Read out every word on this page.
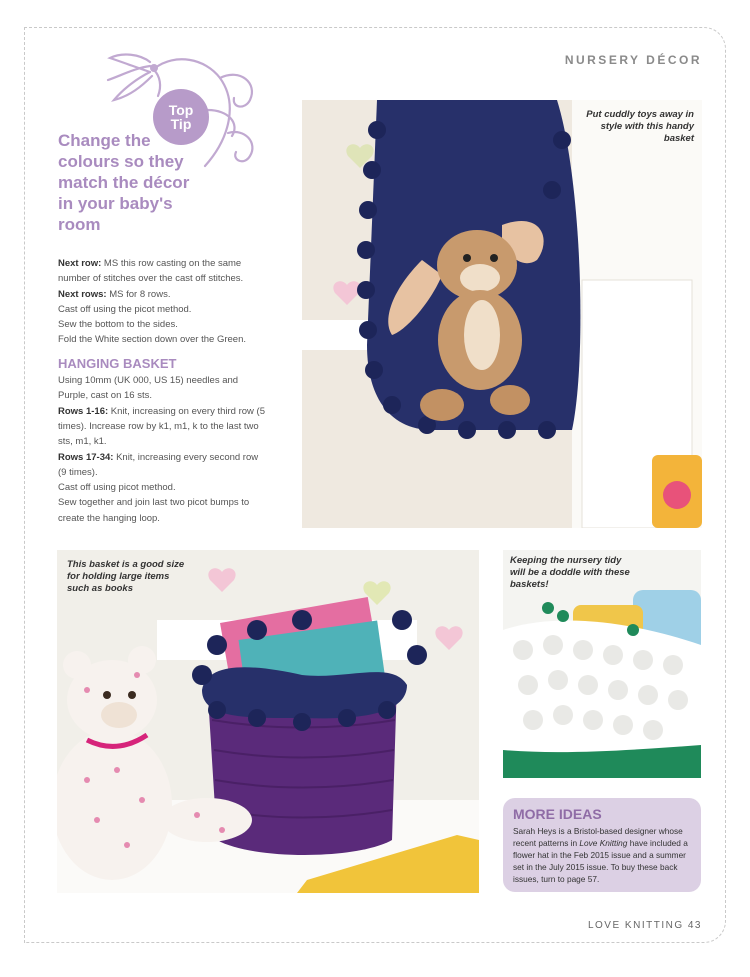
NURSERY DÉCOR
Top
Tip
Change the colours so they match the décor in your baby's room

Next row: MS this row casting on the same number of stitches over the cast off stitches.

Next rows: MS for 8 rows.

Cast off using the picot method.

Sew the bottom to the sides.

Fold the White section down over the Green.

HANGING BASKET

Using 10mm (UK 000, US 15) needles and Purple, cast on 16 sts.

Rows 1-16: Knit, increasing on every third row (5 times). Increase row by k1, m1, k to the last two sts, m1, k1.

Rows 17-34: Knit, increasing every second row (9 times).

Cast off using picot method.

Sew together and join last two picot bumps to create the hanging loop.

Put cuddly toys away in style with this handy basket
This basket is a good size for holding large items such as books
Keeping the nursery tidy will be a doddle with these baskets!
MORE IDEAS
Sarah Heys is a Bristol-based designer whose recent patterns in Love Knitting have included a flower hat in the Feb 2015 issue and a summer set in the July 2015 issue. To buy these back issues, turn to page 57.
LOVE KNITTING 43
